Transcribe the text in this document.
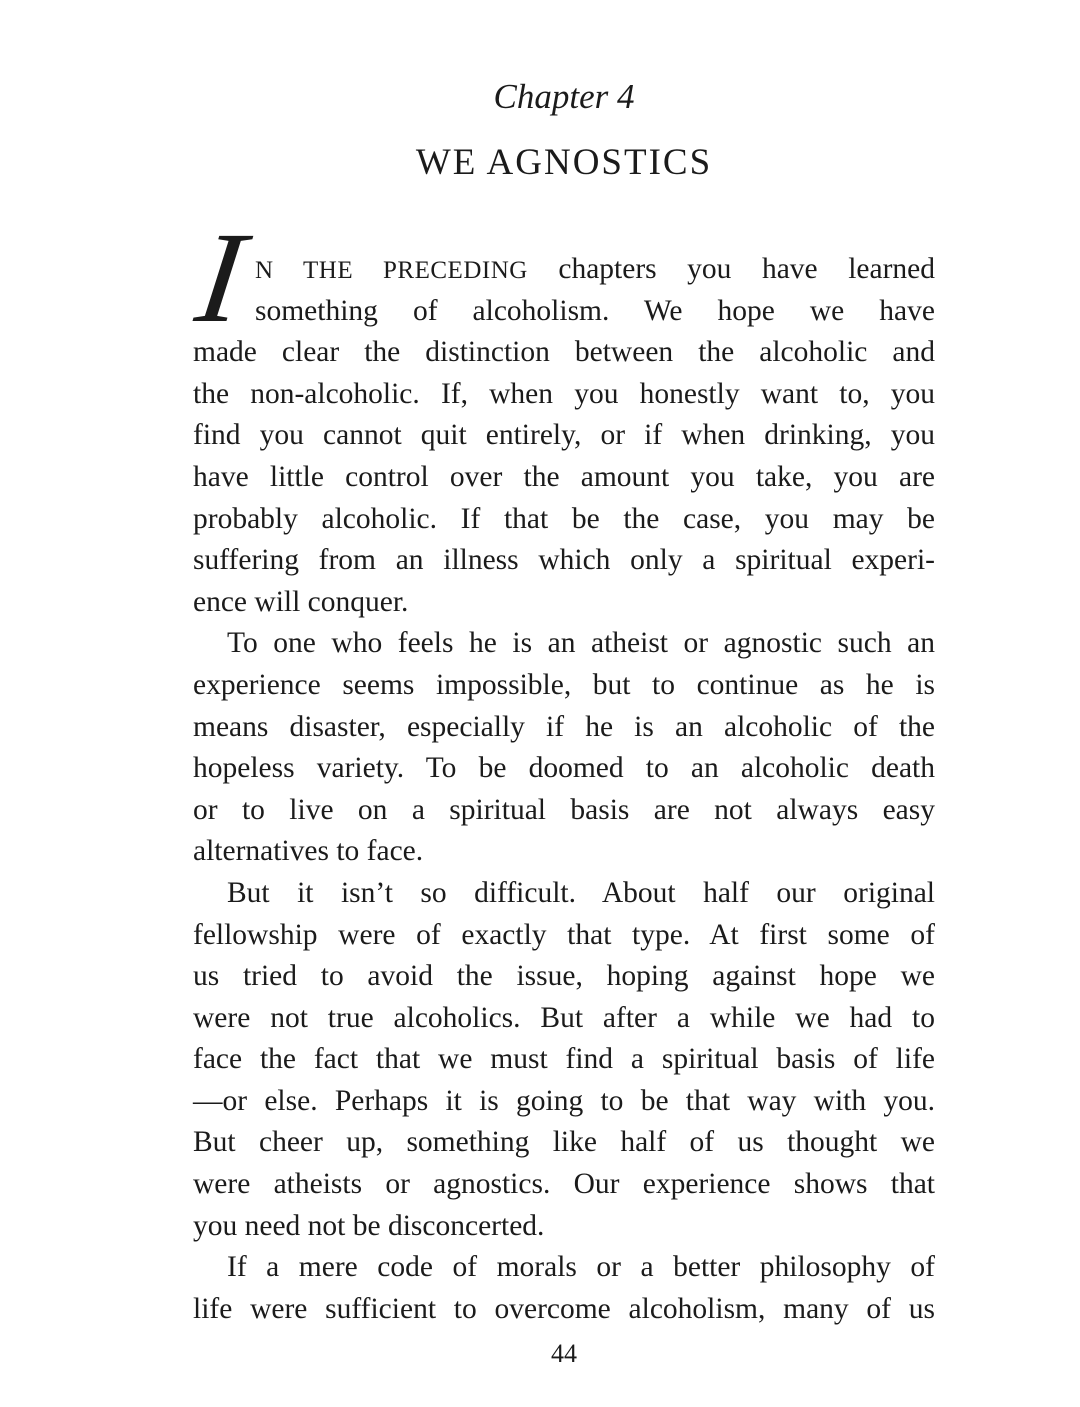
Chapter 4
WE AGNOSTICS
I N THE PRECEDING chapters you have learned
something of alcoholism. We hope we have
made clear the distinction between the alcoholic and
the non-alcoholic. If, when you honestly want to, you
find you cannot quit entirely, or if when drinking, you
have little control over the amount you take, you are
probably alcoholic. If that be the case, you may be
suffering from an illness which only a spiritual experi-
ence will conquer.
To one who feels he is an atheist or agnostic such an
experience seems impossible, but to continue as he is
means disaster, especially if he is an alcoholic of the
hopeless variety. To be doomed to an alcoholic death
or to live on a spiritual basis are not always easy
alternatives to face.
But it isn’t so difficult. About half our original
fellowship were of exactly that type. At first some of
us tried to avoid the issue, hoping against hope we
were not true alcoholics. But after a while we had to
face the fact that we must find a spiritual basis of life
—or else. Perhaps it is going to be that way with you.
But cheer up, something like half of us thought we
were atheists or agnostics. Our experience shows that
you need not be disconcerted.
If a mere code of morals or a better philosophy of
life were sufficient to overcome alcoholism, many of us
44
